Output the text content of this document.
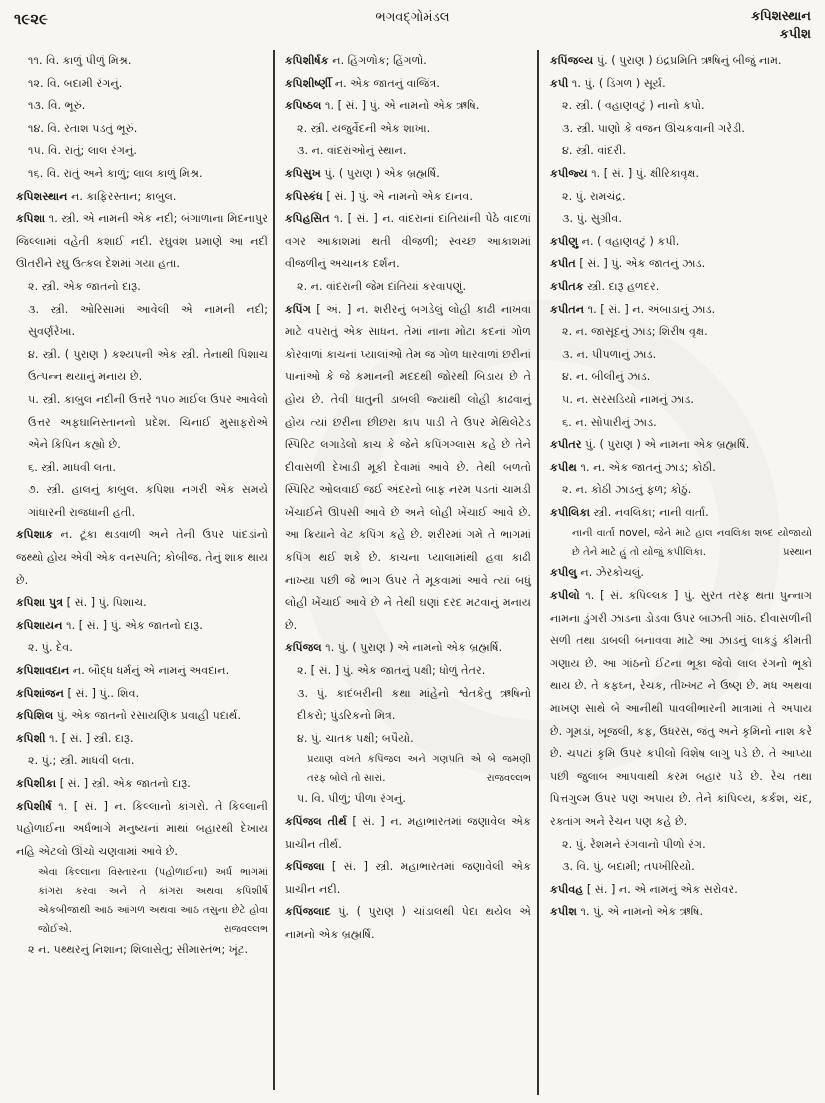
૧૯૨૯	ભગવદ્ગોમંડલ	કપિશસ્થાન
કપીશ
૧૧. વિ. કાળું પીળું મિશ્ર.
૧૨. વિ. બદામી રંગનું.
૧૩. વિ. ભૂરું.
૧૪. વિ. રતાશ પડતું ભૂરું.
૧૫. વિ. રાતું; લાલ રંગનું.
૧૬. વિ. રાતું અને કાળું; લાલ કાળું મિશ્ર.
કપિશસ્થાન ન. કાફિરસ્તાન; કાબુલ.
કપિશા ૧. સ્ત્રી. એ નામની એક નદી; બંગાળાના મિદનાપુર જિલ્લામાં વહેતી કશાઈ નદી. રઘુવંશ પ્રમાણે આ નદી ઊતરીને રઘુ ઉત્કલ દેશમાં ગયા હતા.
૨. સ્ત્રી. એક જાતનો દારૂ.
૩. સ્ત્રી. ઓરિસામાં આવેલી એ નામની નદી; સુવર્ણરેખા.
૪. સ્ત્રી. ( પુરાણ ) કશ્યપની એક સ્ત્રી. તેનાથી પિશાચ ઉત્પન્ન થયાનું મનાય છે.
૫. સ્ત્રી. કાબુલ નદીની ઉત્તરે ૧૫૦ માઈલ ઉપર આવેલો ઉત્તર અફઘાનિસ્તાનનો પ્રદેશ. ચિનાઈ મુસાફરોએ એને કિપિન કહ્યો છે.
૬. સ્ત્રી. માધવી લતા.
૭. સ્ત્રી. હાલનું કાબુલ. કપિશા નગરી એક સમયે ગાંધારની રાજધાની હતી.
કપિશાક ન. ટૂંકા થડવાળી અને તેની ઉપર પાંદડાંનો જથ્થો હોય એવી એક વનસ્પતિ; કોબીજ. તેનું શાક થાય છે.
કપિશા પુત્ર [ સં. ] પું. પિશાચ.
કપિશાયન ૧. [ સં. ] પું. એક જાતનો દારૂ.
૨. પું. દેવ.
કપિશાવદાન ન. બૌદ્ધ ધર્મનું એ નામનું અવદાન.
કપિશાંજન [ સં. ] પું.. શિવ.
કપિશિલ પું. એક જાતનો રસાયણિક પ્રવાહી પદાર્થ.
કપિશી ૧. [ સં. ] સ્ત્રી. દારૂ.
૨. પું.; સ્ત્રી. માધવી લતા.
કપિશીકા [ સં. ] સ્ત્રી. એક જાતનો દારૂ.
કપિશીર્ષ ૧. [ સં. ] ન. કિલ્લાનો કાંગરો. તે કિલ્લાની પહોળાઈના અર્ધભાગે મનુષ્યનાં માથાં બહારથી દેખાય નહિ એટલો ઊંચો ચણવામાં આવે છે.
એવા કિલ્લાના વિસ્તારના (પહોળાઈના) અર્ધ ભાગમાં કાંગરા કરવા અને તે કાંગરા અથવા કપિશીર્ષ એકબીજાથી આઠ આંગળ અથવા આઠ તસુના છેટે હોવા જોઈએ.	રાજવલ્લભ
૨ ન. પથ્થરનું નિશાન; શિલાસેતુ; સીમાસ્તંભ; ખૂંટ.
કપિશીર્ષક ન. હિંગળોક; હિંગળો.
કપિશીર્ષ્ણી ન. એક જાતનું વાજિંત્ર.
કપિષ્ઠલ ૧. [ સં. ] પું. એ નામનો એક ઋષિ.
૨. સ્ત્રી. યજુર્વેદની એક શાખા.
૩. ન. વાંદરાંઓનું સ્થાન.
કપિસુખ પું. ( પુરાણ ) એક બ્રહ્મર્ષિ.
કપિસ્કંધ [ સં. ] પું. એ નામનો એક દાનવ.
કપિહસિત ૧. [ સં. ] ન. વાંદરાનાં દાંતિયાંની પેઠે વાદળાં વગર આકાશમાં થતી વીજળી; સ્વચ્છ આકાશમાં વીજળીનું અચાનક દર્શન.
૨. ન. વાંદરાની જેમ દાંતિયાં કરવાપણું.
કપિંગ [ અં. ] ન. શરીરનું બગડેલું લોહી કાઢી નાખવા માટે વપરાતું એક સાધન. તેમાં નાના મોટા કદનાં ગોળ કોરવાળાં કાચનાં પ્યાલાંઓ તેમ જ ગોળ ધારવાળાં છરીનાં પાનાંઓ કે જે કમાનની મદદથી જોરથી બિડાય છે તે હોય છે. તેવી ધાતુની ડાબલી જ્યાંથી લોહી કાઢવાનું હોય ત્યાં છરીના છીછરા કાપ પાડી તે ઉપર મેથિલેટેડ સ્પિરિટ લગાડેલો કાચ કે જેને કપિંગગ્લાસ કહે છે તેને દીવાસળી દેખાડી મૂકી દેવામાં આવે છે. તેથી બળતો સ્પિરિટ ઓલવાઈ જઈ અંદરનો બાફ નરમ પડતાં ચામડી ખેંચાઈને ઊપસી આવે છે અને લોહી ખેંચાઈ આવે છે. આ ક્રિયાને વેટ કપિંગ કહે છે. શરીરમાં ગમે તે ભાગમાં કપિંગ થઈ શકે છે. કાચના પ્યાલામાંથી હવા કાઢી નાખ્યા પછી જે ભાગ ઉપર તે મૂકવામાં આવે ત્યાં બધું લોહી ખેંચાઈ આવે છે ને તેથી ઘણાં દરદ મટવાનું મનાય છે.
કપિંજલ ૧. પું. ( પુરાણ ) એ નામનો એક બ્રહ્મર્ષિ.
૨. [ સં. ] પું. એક જાતનું પક્ષી; ધોળું તેતર.
૩. પું. કાદંબરીની કથા માંહેનો શ્વેતકેતુ ઋષિનો દીકરો; પુંડરિકનો મિત્ર.
૪. પું. ચાતક પક્ષી; બપૈયો.
પ્રયાણ વખતે કપિંજલ અને ગણપતિ એ બે જમણી તરફ બોલે તો સારાં.	રાજવલ્લભ
૫. વિ. પીળું; પીળા રંગનું.
કપિંજલ તીર્થ [ સં. ] ન. મહાભારતમાં જણાવેલ એક પ્રાચીન તીર્થ.
કપિંજલા [ સં. ] સ્ત્રી. મહાભારતમાં જણાવેલી એક પ્રાચીન નદી.
કપિંજલાદ પું. ( પુરાણ ) ચાંડાલથી પેદા થયેલ એ નામનો એક બ્રહ્મર્ષિ.
કપિંજલ્ય પું. ( પુરાણ ) ઇંદ્રપ્રમિતિ ઋષિનું બીજું નામ.
કપી ૧. પું. ( ડિંગળ ) સૂર્ય.
૨. સ્ત્રી. ( વહાણવટું ) નાનો કપો.
૩. સ્ત્રી. પાણો કે વજન ઊંચકવાની ગરેડી.
૪. સ્ત્રી. વાંદરી.
કપીજ્ય ૧. [ સં. ] પું. ક્ષીરિકાવૃક્ષ.
૨. પું. રામચંદ્ર.
૩. પું. સુગ્રીવ.
કપીણુ ન. ( વહાણવટું ) કપી.
કપીત [ સં. ] પું. એક જાતનું ઝાડ.
કપીતક સ્ત્રી. દારૂ હળદર.
કપીતન ૧. [ સં. ] ન. અંબાડાનું ઝાડ.
૨. ન. જાસૂદનું ઝાડ; શિરીષ વૃક્ષ.
૩. ન. પીપળાનું ઝાડ.
૪. ન. બીલીનું ઝાડ.
૫. ન. સરસડિયો નામનું ઝાડ.
૬. ન. સોપારીનું ઝાડ.
કપીતર પું. ( પુરાણ ) એ નામના એક બ્રહ્મર્ષિ.
કપીથ ૧. ન. એક જાતનું ઝાડ; કોઠી.
૨. ન. કોઠી ઝાડનું ફળ; કોઠું.
કપીલિકા સ્ત્રી. નવલિકા; નાની વાર્તા.
નાની વાર્તા novel, જેને માટે હાલ નવલિકા શબ્દ યોજાયો છે તેને માટે હું તો યોજું કપીલિકા.	પ્રસ્થાન
કપીલુ ન. ઝેરકોચલું.
કપીલો ૧. [ સં. કપિલ્લક ] પું. સુરત તરફ થતા પુન્નાગ નામના ડુંગરી ઝાડના ડોડવા ઉપર બાઝતી ગાંઠ. દીવાસળીની સળી તથા ડાબલી બનાવવા માટે આ ઝાડનું લાકડું કીમતી ગણાય છે. આ ગાંઠનો ઈંટના ભૂકા જેવો લાલ રંગનો ભૂકો થાય છે. તે કફઘ્ન, રેચક, તીખ્ખટ ને ઉષ્ણ છે. મધ અથવા માખણ સાથે બે આનીથી પાવલીભારની માત્રામાં તે અપાય છે. ગૂમડાં, ખૂજલી, કફ, ઉધરસ, જંતુ અને કૃમિનો નાશ કરે છે. ચપટાં કૃમિ ઉપર કપીલો વિશેષ લાગુ પડે છે. તે આપ્યા પછી જુલાબ આપવાથી કરમ બહાર પડે છે. રેચ તથા પિત્તગુલ્મ ઉપર પણ અપાય છે. તેને કાંપિલ્ય, કર્કશ, ચંદ, રક્તાંગ અને રેચન પણ કહે છે.
૨. પું. રેશમને રંગવાનો પીળો રંગ.
૩. વિ. પું. બદામી; તપખીરિયો.
કપીવહ [ સં. ] ન. એ નામનું એક સરોવર.
કપીશ ૧. પું. એ નામનો એક ઋષિ.
